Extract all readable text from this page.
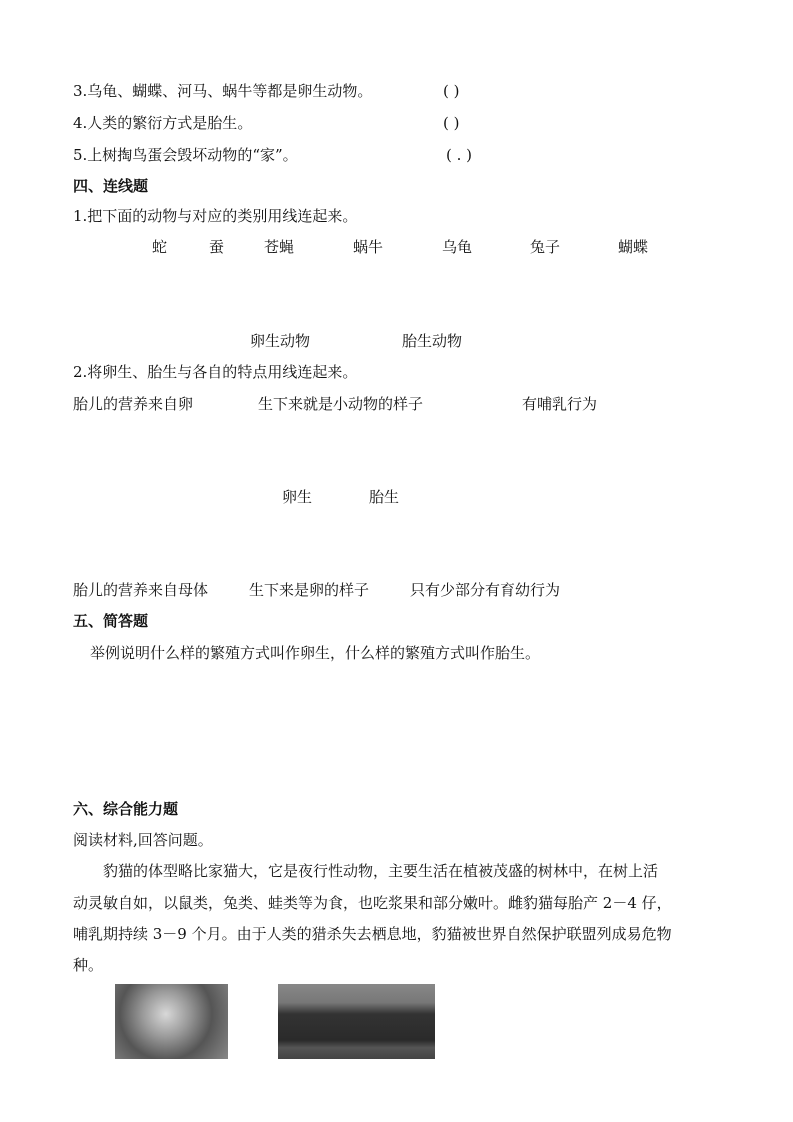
3.乌龟、蝴蝶、河马、蜗牛等都是卵生动物。	( )
4.人类的繁衍方式是胎生。	( )
5.上树掏鸟蛋会毁坏动物的“家”。	( . )
四、连线题
1.把下面的动物与对应的类别用线连起来。
蛇	蚕	苍蝇	蜗牛	乌龟	兔子	蝴蝶
卵生动物	胎生动物
2.将卵生、胎生与各自的特点用线连起来。
胎儿的营养来自卵	生下来就是小动物的样子	有哺乳行为
卵生	胎生
胎儿的营养来自母体	生下来是卵的样子	只有少部分有育幼行为
五、简答题
举例说明什么样的繁殖方式叫作卵生，什么样的繁殖方式叫作胎生。
六、综合能力题
阅读材料,回答问题。
豹猫的体型略比家猫大，它是夜行性动物，主要生活在植被茂盛的树林中，在树上活
动灵敏自如，以鼠类，兔类、蛙类等为食，也吃浆果和部分嫩叶。雌豹猫每胎产 2－4 仔，
哺乳期持续 3－9 个月。由于人类的猎杀失去栖息地，豹猫被世界自然保护联盟列成易危物
种。
